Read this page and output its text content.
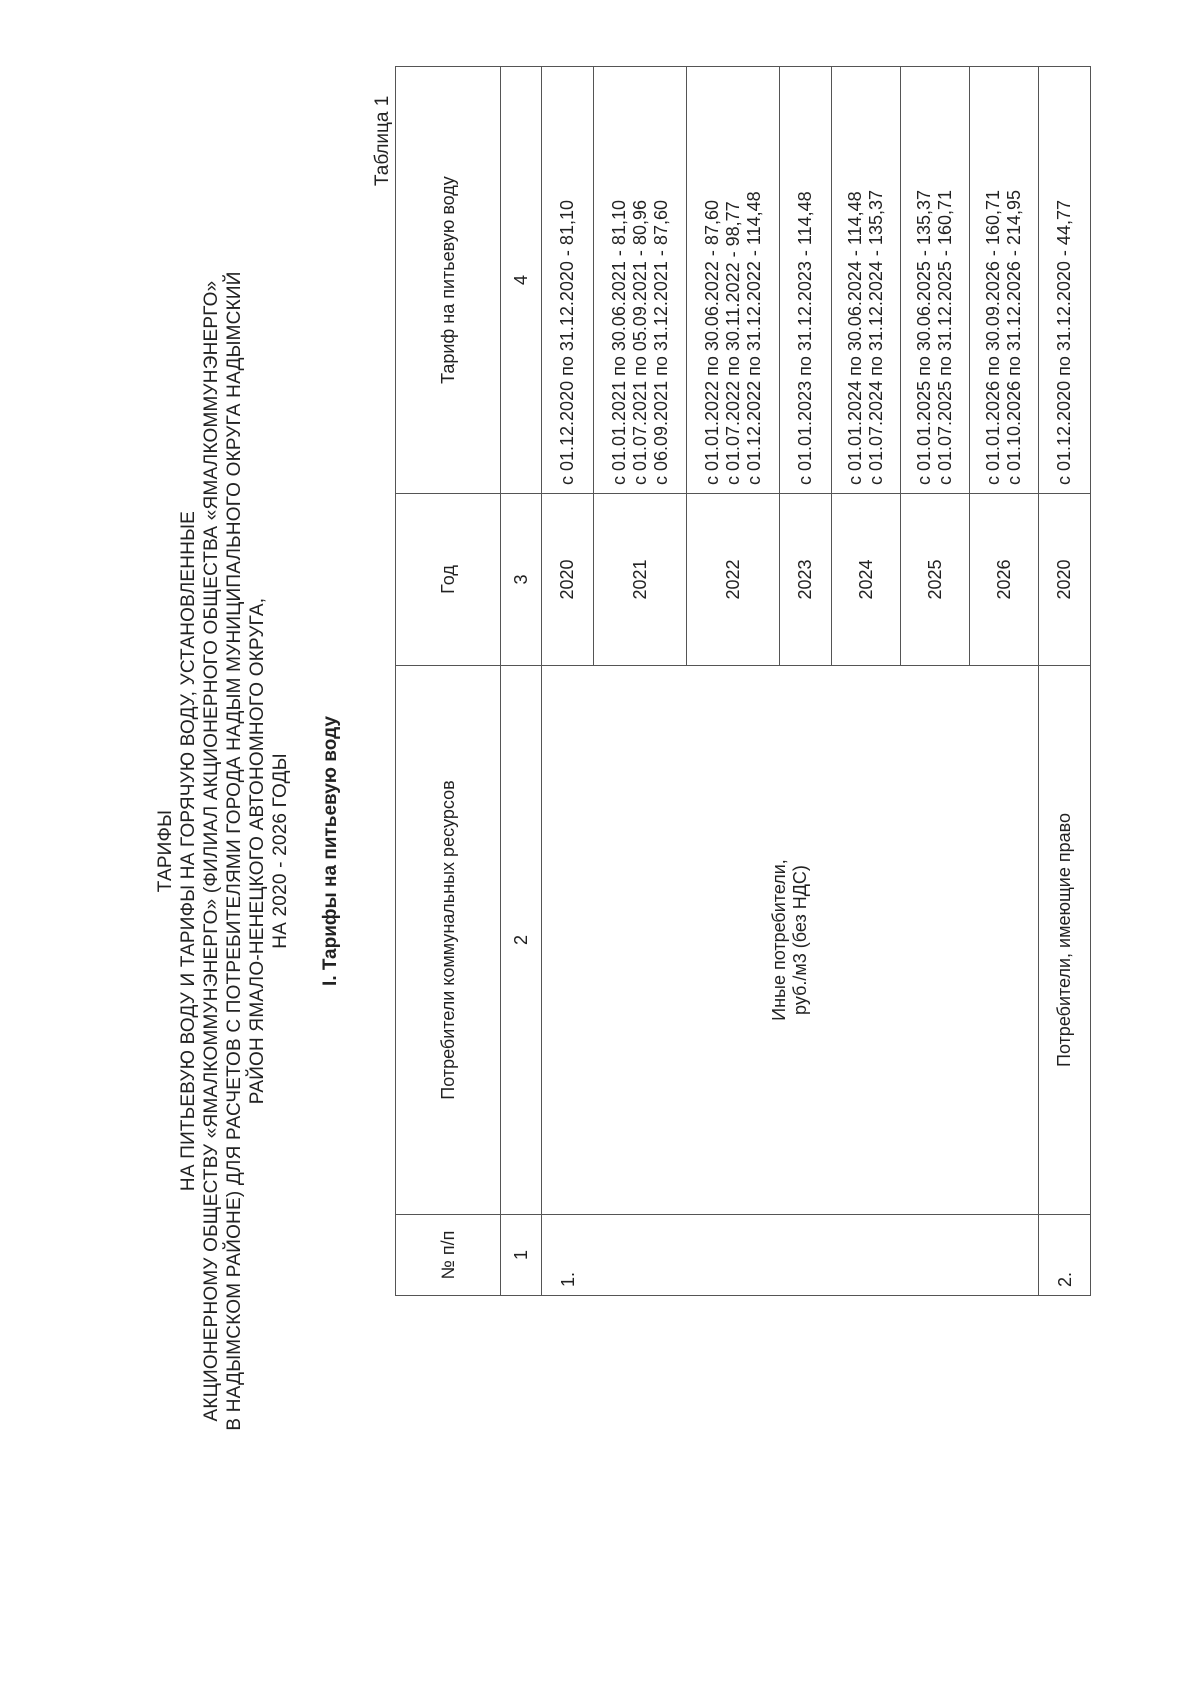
ТАРИФЫ НА ПИТЬЕВУЮ ВОДУ И ТАРИФЫ НА ГОРЯЧУЮ ВОДУ, УСТАНОВЛЕННЫЕ АКЦИОНЕРНОМУ ОБЩЕСТВУ «ЯМАЛКОММУНЭНЕРГО» (ФИЛИАЛ АКЦИОНЕРНОГО ОБЩЕСТВА «ЯМАЛКОММУНЭНЕРГО» В НАДЫМСКОМ РАЙОНЕ) ДЛЯ РАСЧЕТОВ С ПОТРЕБИТЕЛЯМИ ГОРОДА НАДЫМ МУНИЦИПАЛЬНОГО ОКРУГА НАДЫМСКИЙ РАЙОН ЯМАЛО-НЕНЕЦКОГО АВТОНОМНОГО ОКРУГА, НА 2020 - 2026 ГОДЫ I. Тарифы на питьевую воду
Таблица 1
№ п/п	Потребители коммунальных ресурсов	Год	Тариф на питьевую воду
1	2	3	4
1.	Иные потребители, руб./м3 (без НДС)	2020	с 01.12.2020 по 31.12.2020 - 81,10

		2021	с 01.01.2021 по 30.06.2021 - 81,10 с 01.07.2021 по 05.09.2021 - 80,96 с 06.09.2021 по 31.12.2021 - 87,60

		2022	с 01.01.2022 по 30.06.2022 - 87,60 с 01.07.2022 по 30.11.2022 - 98,77 с 01.12.2022 по 31.12.2022 - 114,48

		2023	с 01.01.2023 по 31.12.2023 - 114,48

		2024	с 01.01.2024 по 30.06.2024 - 114,48 с 01.07.2024 по 31.12.2024 - 135,37

		2025	с 01.01.2025 по 30.06.2025 - 135,37 с 01.07.2025 по 31.12.2025 - 160,71

		2026	с 01.01.2026 по 30.09.2026 - 160,71 с 01.10.2026 по 31.12.2026 - 214,95

2.	Потребители, имеющие право	2020	с 01.12.2020 по 31.12.2020 - 44,77
